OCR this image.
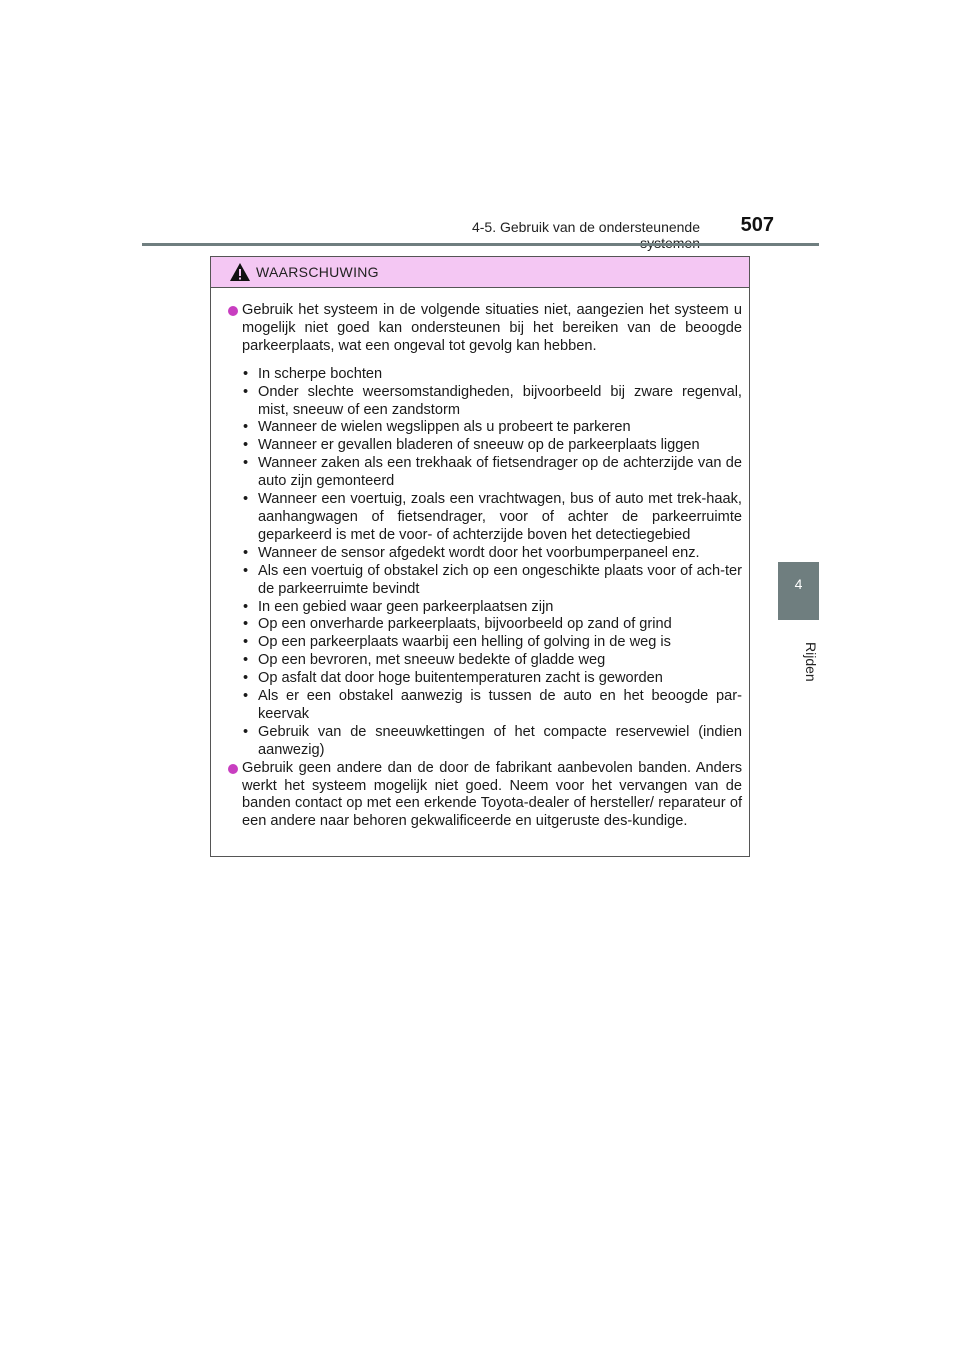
4-5. Gebruik van de ondersteunende	507
4
Rijden
WAARSCHUWING
Gebruik het systeem in de volgende situaties niet, aangezien het systeem u mogelijk niet goed kan ondersteunen bij het bereiken van de beoogde parkeerplaats, wat een ongeval tot gevolg kan hebben.
• In scherpe bochten
• Onder slechte weersomstandigheden, bijvoorbeeld bij zware regenval, mist, sneeuw of een zandstorm
• Wanneer de wielen wegslippen als u probeert te parkeren
• Wanneer er gevallen bladeren of sneeuw op de parkeerplaats liggen
• Wanneer zaken als een trekhaak of fietsendrager op de achterzijde van de auto zijn gemonteerd
• Wanneer een voertuig, zoals een vrachtwagen, bus of auto met trek-haak, aanhangwagen of fietsendrager, voor of achter de parkeerruimte geparkeerd is met de voor- of achterzijde boven het detectiegebied
• Wanneer de sensor afgedekt wordt door het voorbumperpaneel enz.
• Als een voertuig of obstakel zich op een ongeschikte plaats voor of ach-ter de parkeerruimte bevindt
• In een gebied waar geen parkeerplaatsen zijn
• Op een onverharde parkeerplaats, bijvoorbeeld op zand of grind
• Op een parkeerplaats waarbij een helling of golving in de weg is
• Op een bevroren, met sneeuw bedekte of gladde weg
• Op asfalt dat door hoge buitentemperaturen zacht is geworden
• Als er een obstakel aanwezig is tussen de auto en het beoogde par-keervak
• Gebruik van de sneeuwkettingen of het compacte reservewiel (indien aanwezig)
Gebruik geen andere dan de door de fabrikant aanbevolen banden. Anders werkt het systeem mogelijk niet goed. Neem voor het vervangen van de banden contact op met een erkende Toyota-dealer of hersteller/ reparateur of een andere naar behoren gekwalificeerde en uitgeruste des-kundige.
